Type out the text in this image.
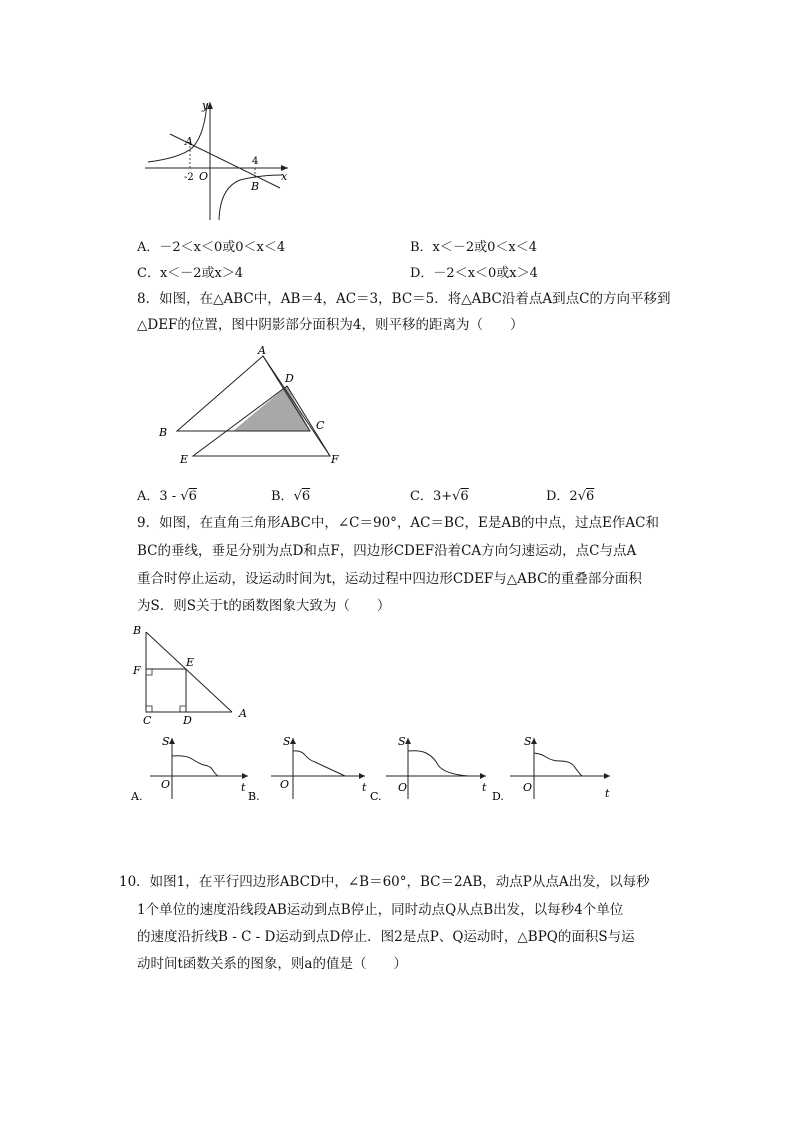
y
x
O
A
B
-2
4
A．－2＜x＜0或0＜x＜4	B．x＜－2或0＜x＜4
C．x＜－2或x＞4	D．－2＜x＜0或x＞4
8．如图，在△ABC中，AB＝4，AC＝3，BC＝5．将△ABC沿着点A到点C的方向平移到
△DEF的位置，图中阴影部分面积为4，则平移的距离为（　　）
A
B
C
D
E	F
A．3 - √6	B．√6	C．3+√6	D．2√6
9．如图，在直角三角形ABC中，∠C＝90°，AC＝BC，E是AB的中点，过点E作AC和
BC的垂线，垂足分别为点D和点F，四边形CDEF沿着CA方向匀速运动，点C与点A
重合时停止运动，设运动时间为t，运动过程中四边形CDEF与△ABC的重叠部分面积
为S．则S关于t的函数图象大致为（　　）
B
F
E
C	D
A
S
O	t
A.
S
O	t
B.
S
O	t
C.
S
O	t
D.
10．如图1，在平行四边形ABCD中，∠B＝60°，BC＝2AB，动点P从点A出发，以每秒
1个单位的速度沿线段AB运动到点B停止，同时动点Q从点B出发，以每秒4个单位
的速度沿折线B - C - D运动到点D停止．图2是点P、Q运动时，△BPQ的面积S与运
动时间t函数关系的图象，则a的值是（　　）
